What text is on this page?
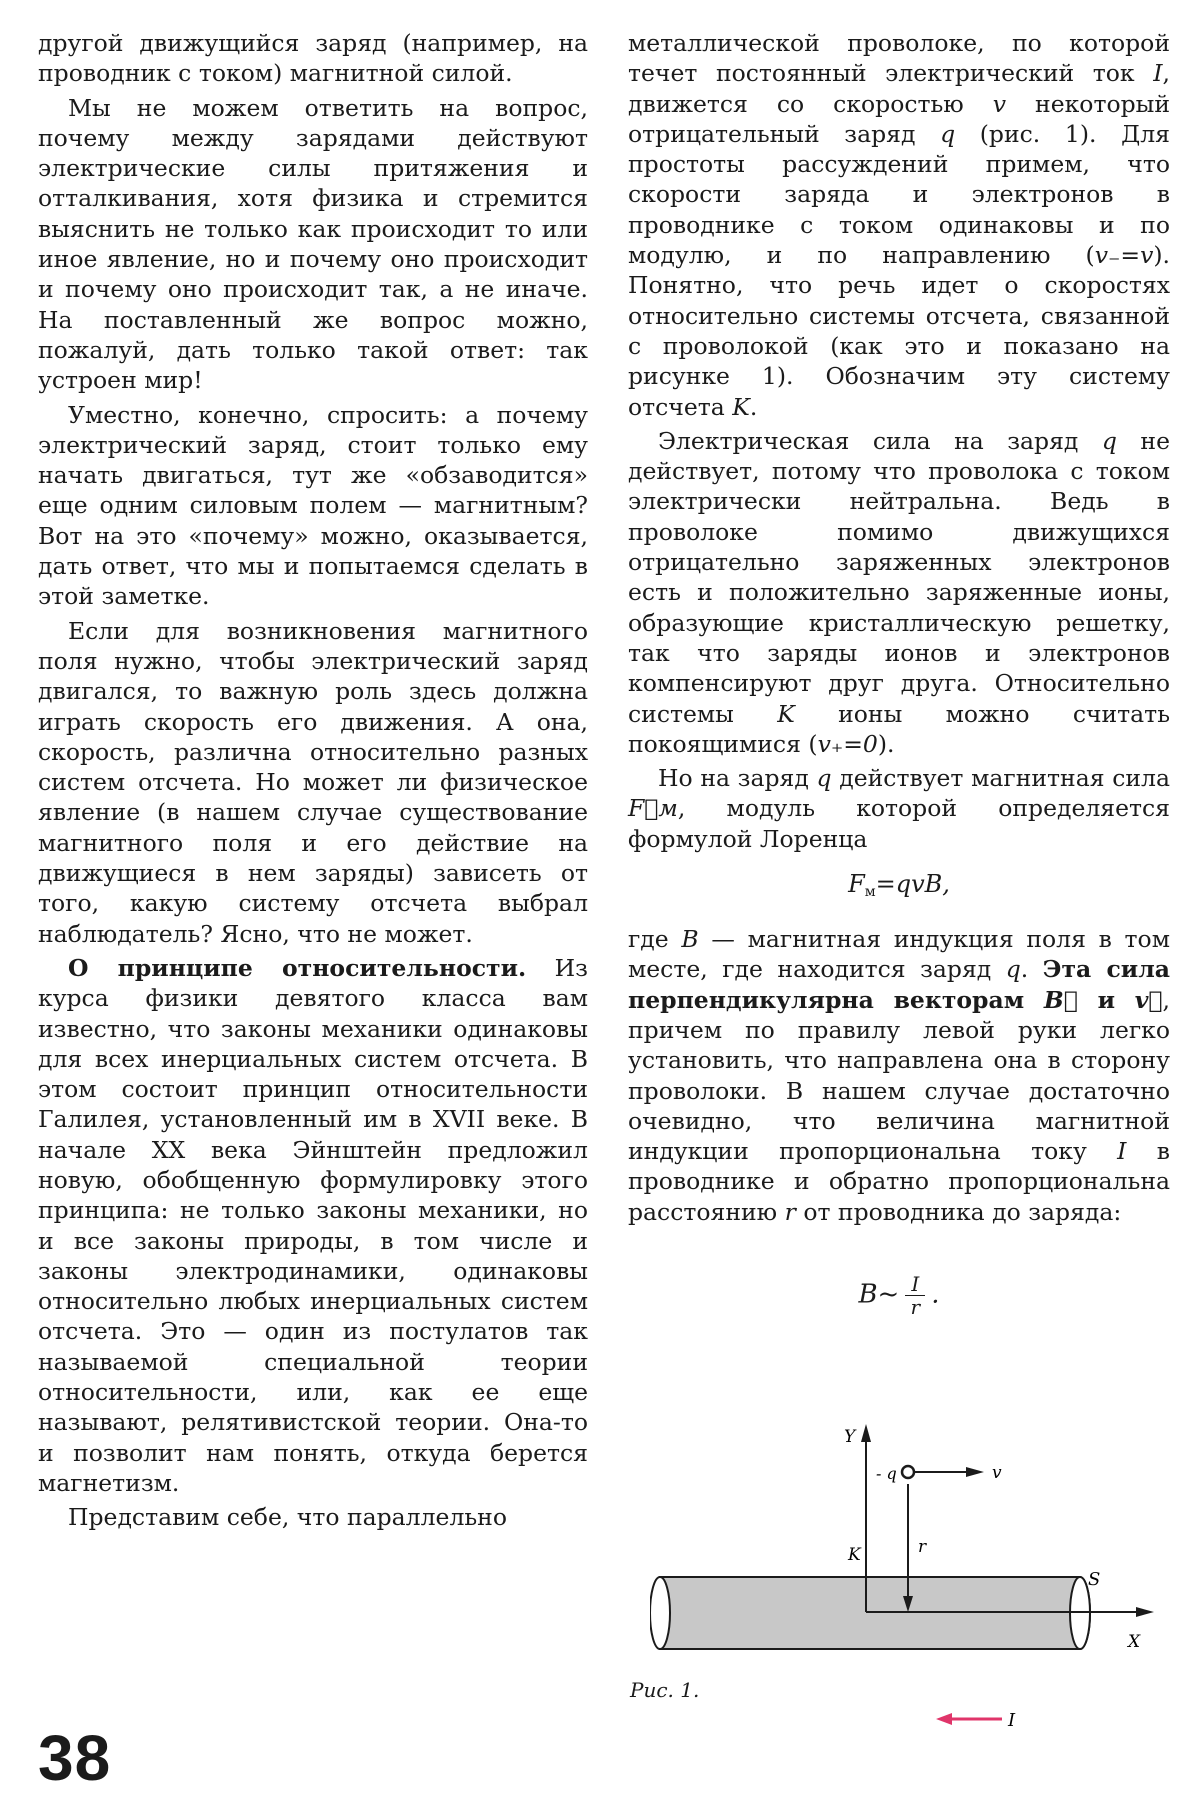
другой движущийся заряд (например, на проводник с током) магнитной силой.

Мы не можем ответить на вопрос, почему между зарядами действуют электрические силы притяжения и отталкивания, хотя физика и стремится выяснить не только как происходит то или иное явление, но и почему оно происходит и почему оно происходит так, а не иначе. На поставленный же вопрос можно, пожалуй, дать только такой ответ: так устроен мир!

Уместно, конечно, спросить: а почему электрический заряд, стоит только ему начать двигаться, тут же «обзаводится» еще одним силовым полем — магнитным? Вот на это «почему» можно, оказывается, дать ответ, что мы и попытаемся сделать в этой заметке.

Если для возникновения магнитного поля нужно, чтобы электрический заряд двигался, то важную роль здесь должна играть скорость его движения. А она, скорость, различна относительно разных систем отсчета. Но может ли физическое явление (в нашем случае существование магнитного поля и его действие на движущиеся в нем заряды) зависеть от того, какую систему отсчета выбрал наблюдатель? Ясно, что не может.

О принципе относительности. Из курса физики девятого класса вам известно, что законы механики одинаковы для всех инерциальных систем отсчета. В этом состоит принцип относительности Галилея, установленный им в XVII веке. В начале XX века Эйнштейн предложил новую, обобщенную формулировку этого принципа: не только законы механики, но и все законы природы, в том числе и законы электродинамики, одинаковы относительно любых инерциальных систем отсчета. Это — один из постулатов так называемой специальной теории относительности, или, как ее еще называют, релятивистской теории. Она-то и позволит нам понять, откуда берется магнетизм.

Представим себе, что параллельно

металлической проволоке, по которой течет постоянный электрический ток I, движется со скоростью v некоторый отрицательный заряд q (рис. 1). Для простоты рассуждений примем, что скорости заряда и электронов в проводнике с током одинаковы и по модулю, и по направлению (v₋=v). Понятно, что речь идет о скоростях относительно системы отсчета, связанной с проволокой (как это и показано на рисунке 1). Обозначим эту систему отсчета K.

Электрическая сила на заряд q не действует, потому что проволока с током электрически нейтральна. Ведь в проволоке помимо движущихся отрицательно заряженных электронов есть и положительно заряженные ионы, образующие кристаллическую решетку, так что заряды ионов и электронов компенсируют друг друга. Относительно системы K ионы можно считать покоящимися (v₊=0).

Но на заряд q действует магнитная сила F⃗м, модуль которой определяется формулой Лоренца

$F_м=qvB$,

где B — магнитная индукция поля в том месте, где находится заряд q. Эта сила перпендикулярна векторам B⃗ и v⃗, причем по правилу левой руки легко установить, что направлена она в сторону проволоки. В нашем случае достаточно очевидно, что величина магнитной индукции пропорциональна току I в проводнике и обратно пропорциональна расстоянию r от проводника до заряда:

B~ $\frac{I}{r}$ .
S
Y
X
K
- q	v
r
I
Рис. 1.
38
